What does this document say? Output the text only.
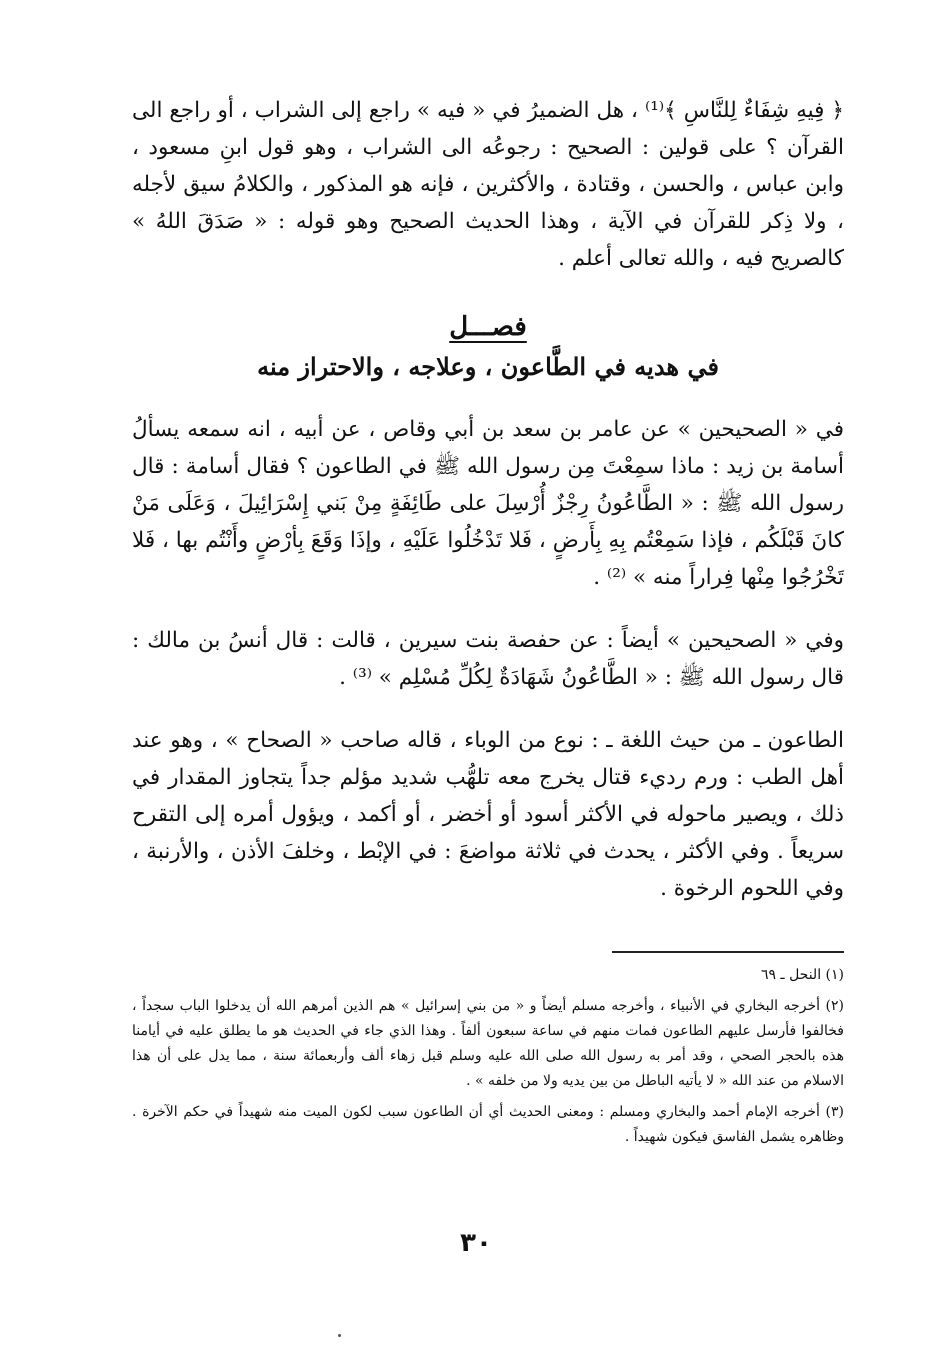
﴿ فِيهِ شِفَاءٌ لِلنَّاسِ ﴾⁽¹⁾ ، هل الضميرُ في « فيه » راجع إلى الشراب ، أو راجع الى القرآن ؟ على قولين : الصحيح : رجوعُه الى الشراب ، وهو قول ابنِ مسعود ، وابن عباس ، والحسن ، وقتادة ، والأكثرين ، فإنه هو المذكور ، والكلامُ سيق لأجله ، ولا ذِكر للقرآن في الآية ، وهذا الحديث الصحيح وهو قوله : « صَدَقَ اللهُ » كالصريح فيه ، والله تعالى أعلم .

فصـــل
في هديه في الطَّاعون ، وعلاجه ، والاحتراز منه

في « الصحيحين » عن عامر بن سعد بن أبي وقاص ، عن أبيه ، انه سمعه يسألُ أسامة بن زيد : ماذا سمِعْتَ مِن رسول الله ﷺ في الطاعون ؟ فقال أسامة : قال رسول الله ﷺ : « الطَّاعُونُ رِجْزٌ أُرْسِلَ على طَائِفَةٍ مِنْ بَني إِسْرَائِيلَ ، وَعَلَى مَنْ كانَ قَبْلَكُم ، فإذا سَمِعْتُم بِهِ بِأَرضٍ ، فَلا تَدْخُلُوا عَلَيْهِ ، وإذَا وَقَعَ بِأرْضٍ وأَنْتُم بها ، فَلا تَخْرُجُوا مِنْها فِراراً منه » ⁽²⁾ .

وفي « الصحيحين » أيضاً : عن حفصة بنت سيرين ، قالت : قال أنسُ بن مالك : قال رسول الله ﷺ : « الطَّاعُونُ شَهَادَةٌ لِكُلِّ مُسْلِم » ⁽³⁾ .

الطاعون ـ من حيث اللغة ـ : نوع من الوباء ، قاله صاحب « الصحاح » ، وهو عند أهل الطب : ورم رديء قتال يخرج معه تلهُّب شديد مؤلم جداً يتجاوز المقدار في ذلك ، ويصير ماحوله في الأكثر أسود أو أخضر ، أو أكمد ، ويؤول أمره إلى التقرح سريعاً . وفي الأكثر ، يحدث في ثلاثة مواضعَ : في الإبْط ، وخلفَ الأذن ، والأرنبة ، وفي اللحوم الرخوة .

(١) النحل ـ ٦٩

(٢) أخرجه البخاري في الأنبياء ، وأخرجه مسلم أيضاً و « من بني إسرائيل » هم الذين أمرهم الله أن يدخلوا الباب سجداً ، فخالفوا فأرسل عليهم الطاعون فمات منهم في ساعة سبعون ألفاً . وهذا الذي جاء في الحديث هو ما يطلق عليه في أيامنا هذه بالحجر الصحي ، وقد أمر به رسول الله صلى الله عليه وسلم قبل زهاء ألف وأربعمائة سنة ، مما يدل على أن هذا الاسلام من عند الله « لا يأتيه الباطل من بين يديه ولا من خلفه » .

(٣) أخرجه الإمام أحمد والبخاري ومسلم : ومعنى الحديث أي أن الطاعون سبب لكون الميت منه شهيداً في حكم الآخرة . وظاهره يشمل الفاسق فيكون شهيداً .

٣٠
